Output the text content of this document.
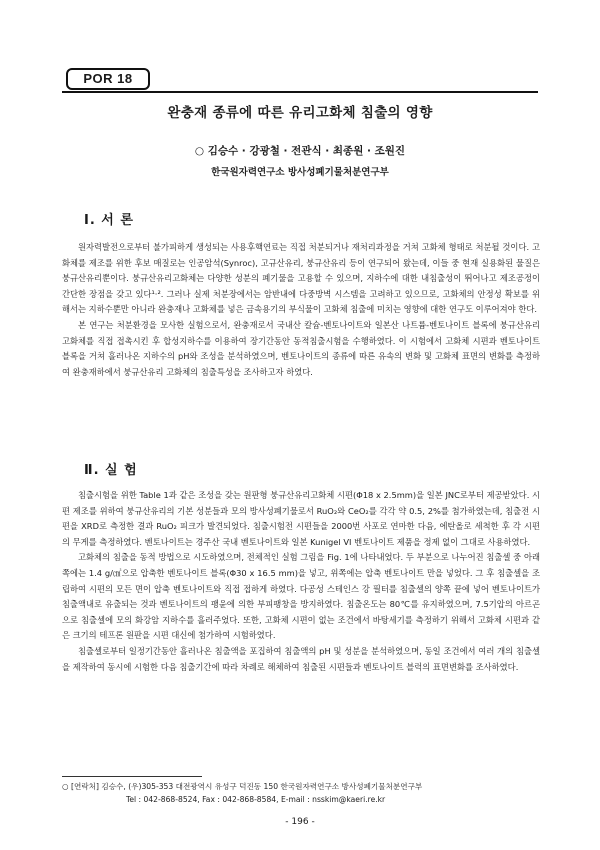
POR 18
완충재 종류에 따른 유리고화체 침출의 영향
○ 김승수 · 강광철 · 전관식 · 최종원 · 조원진
한국원자력연구소 방사성폐기물처분연구부
Ⅰ. 서 론

원자력발전으로부터 불가피하게 생성되는 사용후핵연료는 직접 처분되거나 재처리과정을 거쳐 고화체 형태로 처분될 것이다. 고화체를 제조를 위한 후보 매질로는 인공암석(Synroc), 고규산유리, 붕규산유리 등이 연구되어 왔는데, 이들 중 현재 실용화된 물질은 붕규산유리뿐이다. 붕규산유리고화체는 다양한 성분의 폐기물을 고용할 수 있으며, 지하수에 대한 내침출성이 뛰어나고 제조공정이 간단한 장점을 갖고 있다¹·². 그러나 실제 처분장에서는 암반내에 다중방벽 시스템을 고려하고 있으므로, 고화체의 안정성 확보를 위해서는 지하수뿐만 아니라 완충재나 고화체를 넣은 금속용기의 부식물이 고화체 침출에 미치는 영향에 대한 연구도 이루어져야 한다.

본 연구는 처분환경을 모사한 실험으로서, 완충재로서 국내산 칼슘-벤토나이트와 일본산 나트륨-벤토나이트 블록에 붕규산유리고화체를 직접 접촉시킨 후 합성지하수를 이용하여 장기간동안 동적침출시험을 수행하였다. 이 시험에서 고화체 시편과 벤토나이트 블록을 거쳐 흘러나온 지하수의 pH와 조성을 분석하였으며, 벤토나이트의 종류에 따른 유속의 변화 및 고화체 표면의 변화를 측정하여 완충재하에서 붕규산유리 고화체의 침출특성을 조사하고자 하였다.

Ⅱ. 실 험

침출시험을 위한 Table 1과 같은 조성을 갖는 원판형 붕규산유리고화체 시편(Φ18 x 2.5mm)을 일본 JNC로부터 제공받았다. 시편 제조를 위하여 붕규산유리의 기본 성분들과 모의 방사성폐기물로서 RuO₂와 CeO₂를 각각 약 0.5, 2%를 첨가하였는데, 침출전 시편을 XRD로 측정한 결과 RuO₂ 피크가 발견되었다. 침출시험전 시편들을 2000번 사포로 연마한 다음, 에탄올로 세척한 후 각 시편의 무게를 측정하였다. 벤토나이트는 경주산 국내 벤토나이트와 일본 Kunigel VI 벤토나이트 제품을 정제 없이 그대로 사용하였다.

고화체의 침출을 동적 방법으로 시도하였으며, 전체적인 실험 그림을 Fig. 1에 나타내었다. 두 부분으로 나누어진 침출셀 중 아래쪽에는 1.4 g/㎤으로 압축한 벤토나이트 블록(Φ30 x 16.5 mm)을 넣고, 위쪽에는 압축 벤토나이트 만을 넣었다. 그 후 침출셀을 조립하여 시편의 모든 면이 압축 벤토나이트와 직접 접하게 하였다. 다공성 스테인스 강 필터를 침출셀의 양쪽 끝에 넣어 벤토나이트가 침출액내로 유출되는 것과 벤토나이트의 팽윤에 의한 부피팽창을 방지하였다. 침출온도는 80℃를 유지하였으며, 7.5기압의 아르곤으로 침출셀에 모의 화강암 지하수를 흘러주었다. 또한, 고화체 시편이 없는 조건에서 바탕세기를 측정하기 위해서 고화체 시편과 같은 크기의 테프론 원판을 시편 대신에 첨가하여 시험하였다.

침출셀로부터 일정기간동안 흘러나온 침출액을 포집하여 침출액의 pH 및 성분을 분석하였으며, 동일 조건에서 여러 개의 침출셀을 제작하여 동시에 시험한 다음 침출기간에 따라 차례로 해체하여 침출된 시편들과 벤토나이트 블럭의 표면변화를 조사하였다.

○ [연락처] 김승수, (우)305-353 대전광역시 유성구 덕진동 150 한국원자력연구소 방사성폐기물처분연구부
Tel : 042-868-8524, Fax : 042-868-8584, E-mail : nsskim@kaeri.re.kr
- 196 -
